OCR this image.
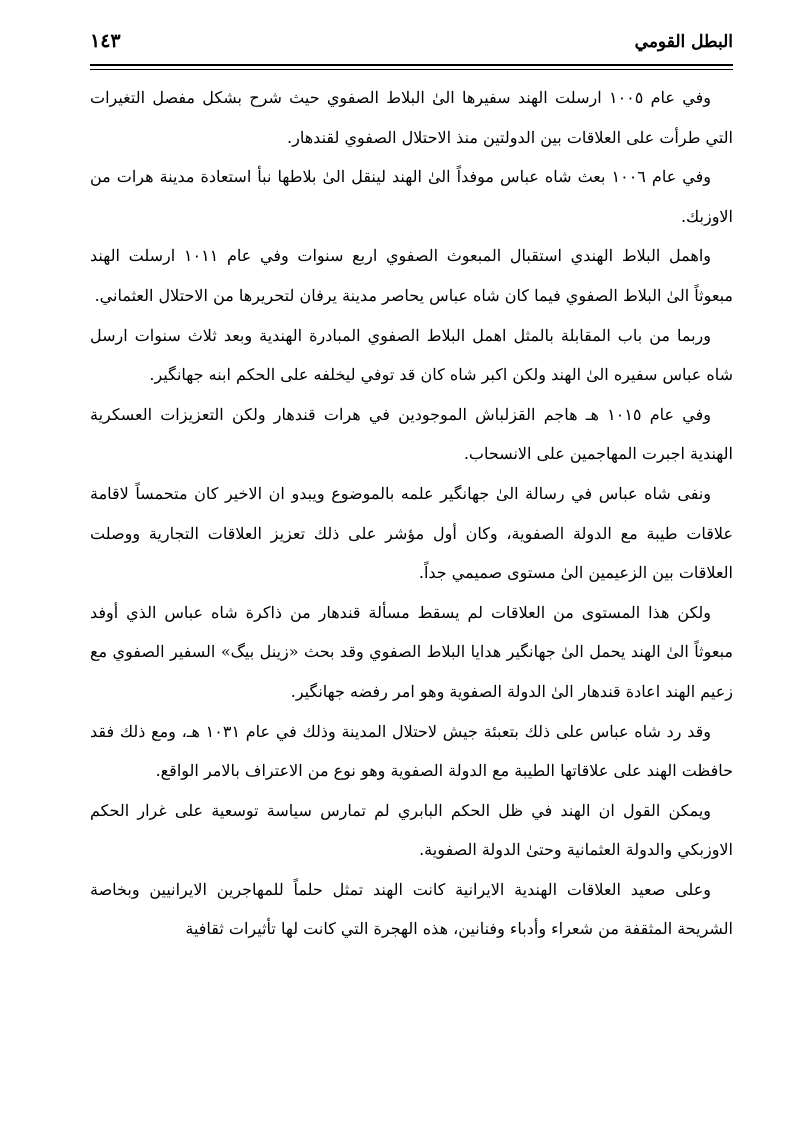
البطل القومي
١٤٣

وفي عام ١٠٠٥ ارسلت الهند سفيرها الىٰ البلاط الصفوي حيث شرح بشكل مفصل التغيرات التي طرأت على العلاقات بين الدولتين منذ الاحتلال الصفوي لقندهار.

وفي عام ١٠٠٦ بعث شاه عباس موفداً الىٰ الهند لينقل الىٰ بلاطها نبأ استعادة مدينة هرات من الاوزبك.

واهمل البلاط الهندي استقبال المبعوث الصفوي اربع سنوات وفي عام ١٠١١ ارسلت الهند مبعوثاً الىٰ البلاط الصفوي فيما كان شاه عباس يحاصر مدينة يرفان لتحريرها من الاحتلال العثماني.

وربما من باب المقابلة بالمثل اهمل البلاط الصفوي المبادرة الهندية وبعد ثلاث سنوات ارسل شاه عباس سفيره الىٰ الهند ولكن اكبر شاه كان قد توفي ليخلفه على الحكم ابنه جهانگير.

وفي عام ١٠١٥ هـ هاجم القزلباش الموجودين في هرات قندهار ولكن التعزيزات العسكرية الهندية اجبرت المهاجمين على الانسحاب.

ونفى شاه عباس في رسالة الىٰ جهانگير علمه بالموضوع ويبدو ان الاخير كان متحمساً لاقامة علاقات طيبة مع الدولة الصفوية، وكان أول مؤشر على ذلك تعزيز العلاقات التجارية ووصلت العلاقات بين الزعيمين الىٰ مستوى صميمي جداً.

ولكن هذا المستوى من العلاقات لم يسقط مسألة قندهار من ذاكرة شاه عباس الذي أوفد مبعوثاً الىٰ الهند يحمل الىٰ جهانگير هدايا البلاط الصفوي وقد بحث «زينل بيگ» السفير الصفوي مع زعيم الهند اعادة قندهار الىٰ الدولة الصفوية وهو امر رفضه جهانگير.

وقد رد شاه عباس على ذلك بتعبئة جيش لاحتلال المدينة وذلك في عام ١٠٣١ هـ، ومع ذلك فقد حافظت الهند على علاقاتها الطيبة مع الدولة الصفوية وهو نوع من الاعتراف بالامر الواقع.

ويمكن القول ان الهند في ظل الحكم البابري لم تمارس سياسة توسعية على غرار الحكم الاوزبكي والدولة العثمانية وحتىٰ الدولة الصفوية.

وعلى صعيد العلاقات الهندية الايرانية كانت الهند تمثل حلماً للمهاجرين الايرانيين وبخاصة الشريحة المثقفة من شعراء وأدباء وفنانين، هذه الهجرة التي كانت لها تأثيرات ثقافية
